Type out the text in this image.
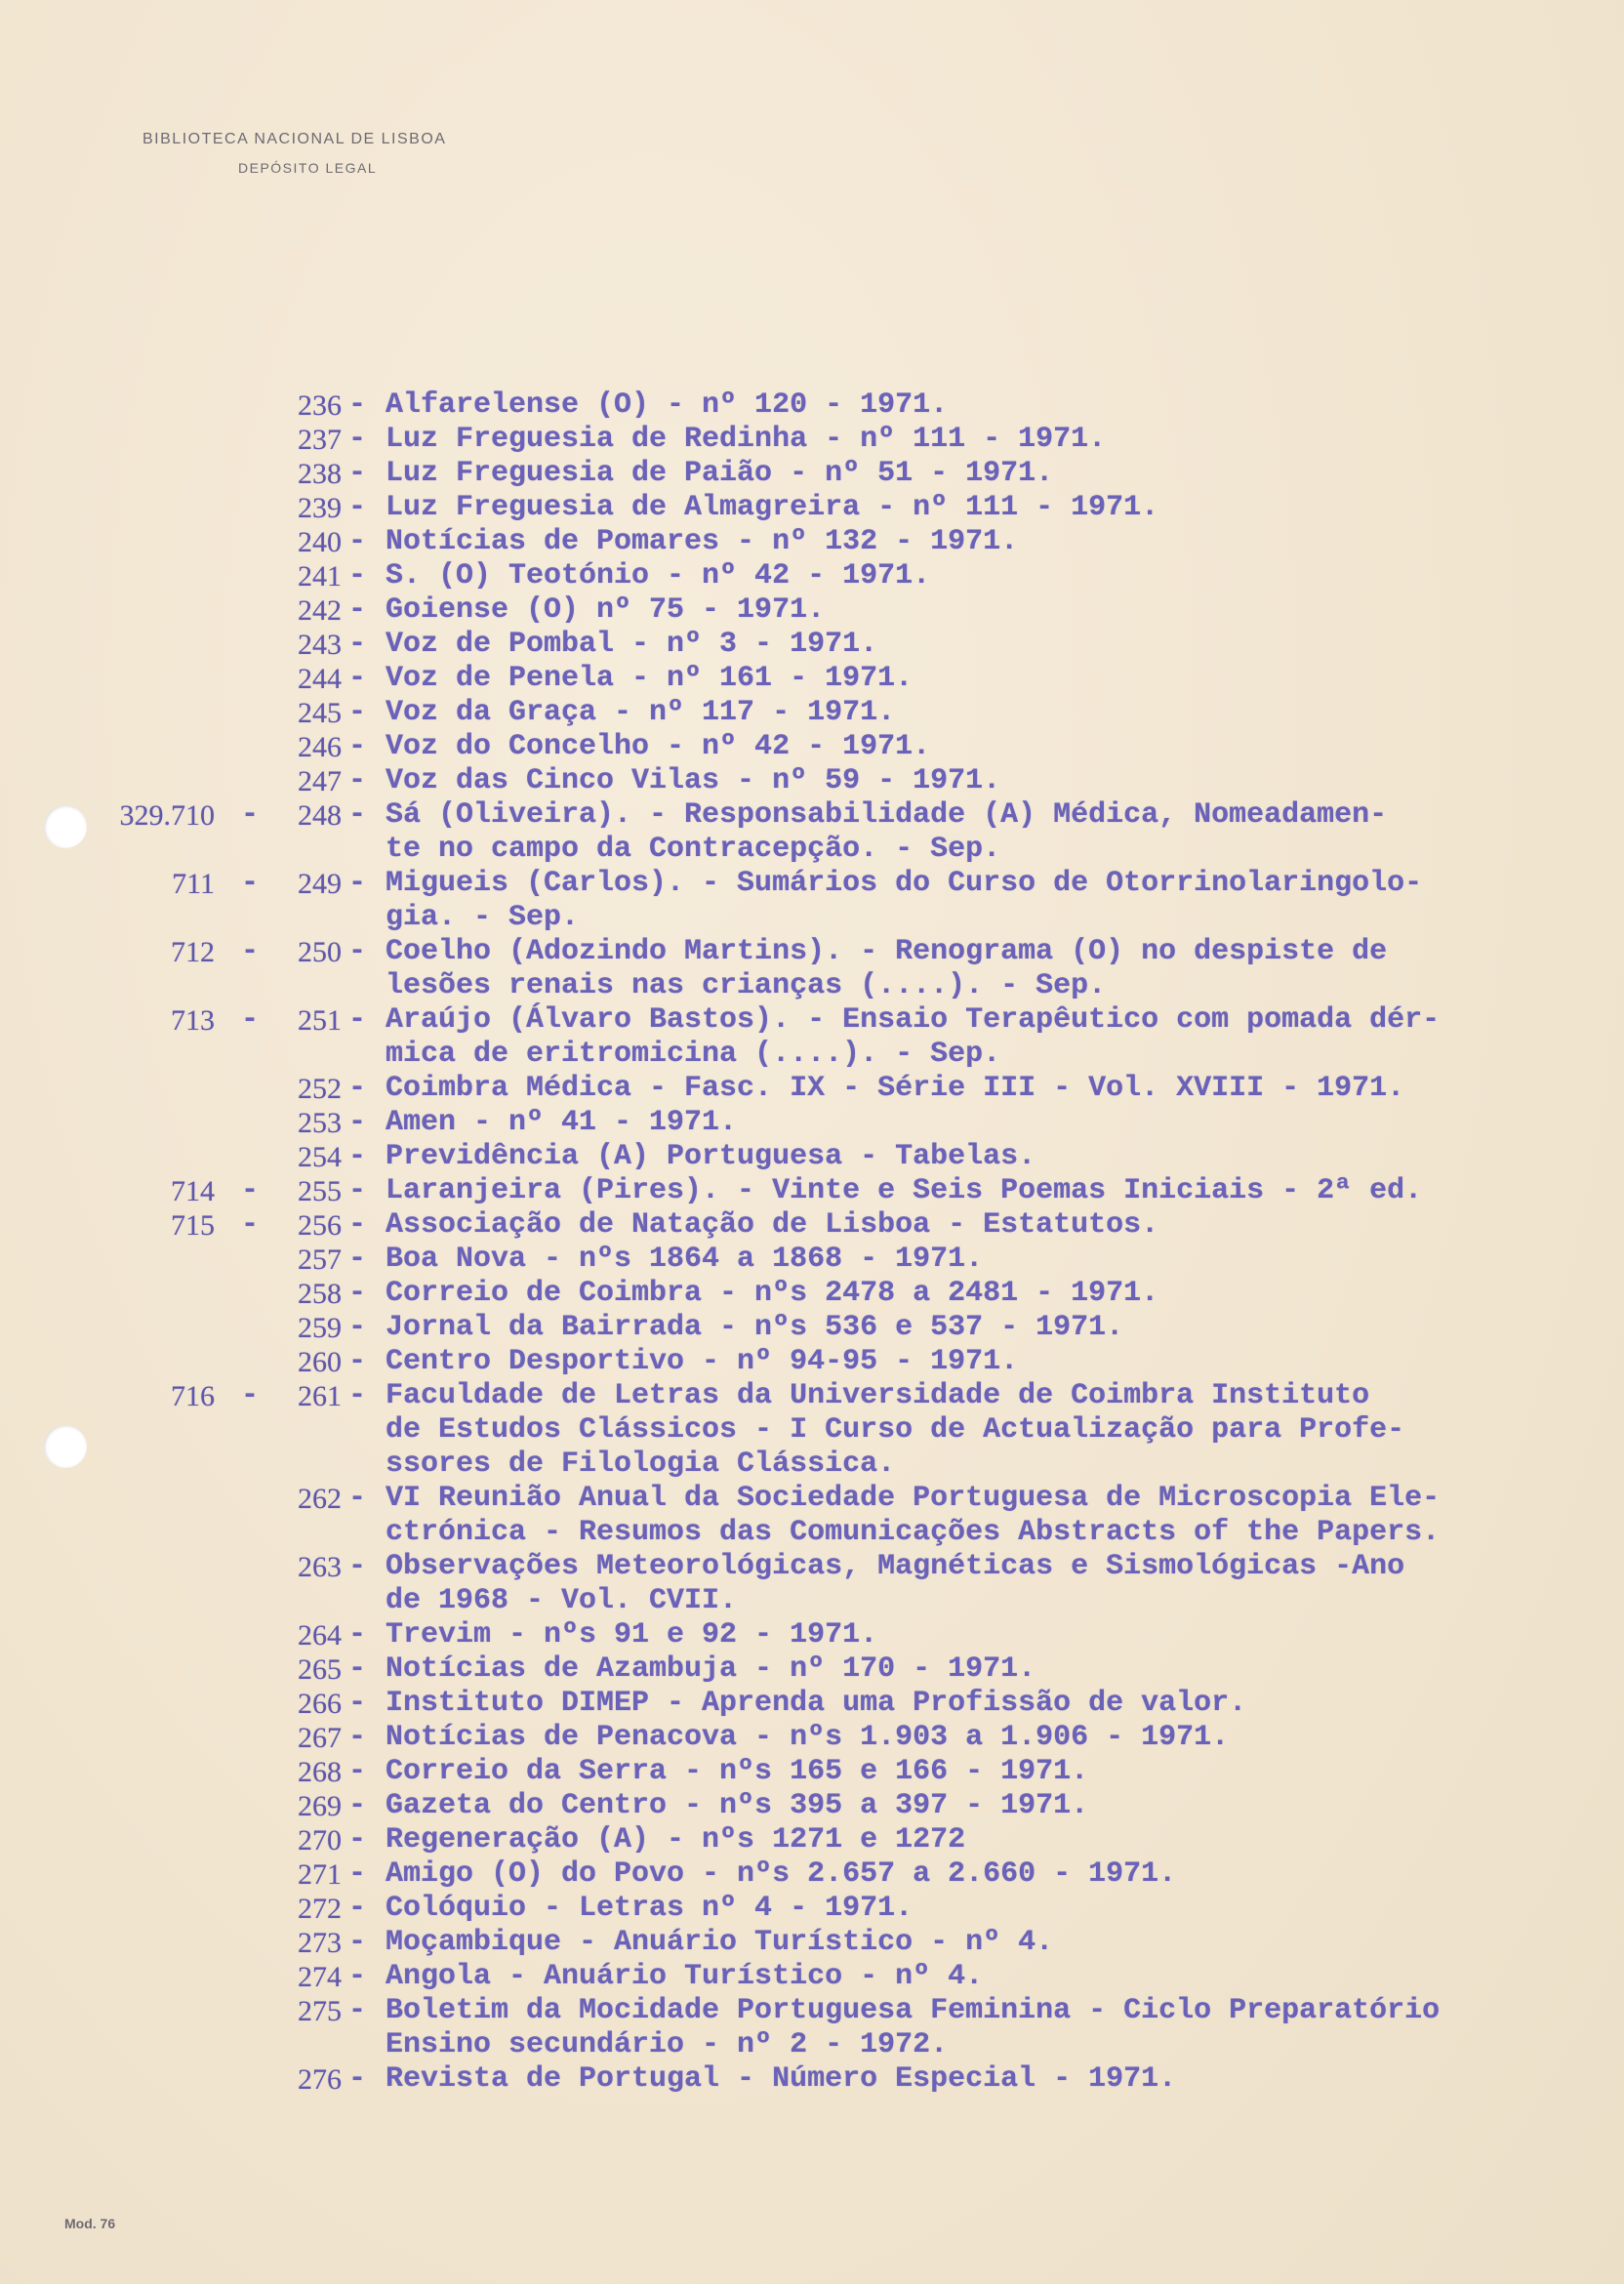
BIBLIOTECA NACIONAL DE LISBOA
DEPÓSITO LEGAL
236 - Alfarelense (O) - nº 120 - 1971.
237 - Luz Freguesia de Redinha - nº 111 - 1971.
238 - Luz Freguesia de Paião - nº 51 - 1971.
239 - Luz Freguesia de Almagreira - nº 111 - 1971.
240 - Notícias de Pomares - nº 132 - 1971.
241 - S. (O) Teotónio - nº 42 - 1971.
242 - Goiense (O) nº 75 - 1971.
243 - Voz de Pombal - nº 3 - 1971.
244 - Voz de Penela - nº 161 - 1971.
245 - Voz da Graça - nº 117 - 1971.
246 - Voz do Concelho - nº 42 - 1971.
247 - Voz das Cinco Vilas - nº 59 - 1971.
329.710 -	248 - Sá (Oliveira). - Responsabilidade (A) Médica, Nomeadamen-
te no campo da Contracepção. - Sep.
711 -	249 - Migueis (Carlos). - Sumários do Curso de Otorrinolaringolo-
gia. - Sep.
712 -	250 - Coelho (Adozindo Martins). - Renograma (O) no despiste de
lesões renais nas crianças (....). - Sep.
713 -	251 - Araújo (Álvaro Bastos). - Ensaio Terapêutico com pomada dér-
mica de eritromicina (....). - Sep.
252 - Coimbra Médica - Fasc. IX - Série III - Vol. XVIII - 1971.
253 - Amen - nº 41 - 1971.
254 - Previdência (A) Portuguesa - Tabelas.
714 -	255 - Laranjeira (Pires). - Vinte e Seis Poemas Iniciais - 2ª ed.
715 -	256 - Associação de Natação de Lisboa - Estatutos.
257 - Boa Nova - nºs 1864 a 1868 - 1971.
258 - Correio de Coimbra - nºs 2478 a 2481 - 1971.
259 - Jornal da Bairrada - nºs 536 e 537 - 1971.
260 - Centro Desportivo - nº 94-95 - 1971.
716 -	261 - Faculdade de Letras da Universidade de Coimbra Instituto
de Estudos Clássicos - I Curso de Actualização para Profe-
ssores de Filologia Clássica.
262 - VI Reunião Anual da Sociedade Portuguesa de Microscopia Ele-
ctrónica - Resumos das Comunicações Abstracts of the Papers.
263 - Observações Meteorológicas, Magnéticas e Sismológicas -Ano
de 1968 - Vol. CVII.
264 - Trevim - nºs 91 e 92 - 1971.
265 - Notícias de Azambuja - nº 170 - 1971.
266 - Instituto DIMEP - Aprenda uma Profissão de valor.
267 - Notícias de Penacova - nºs 1.903 a 1.906 - 1971.
268 - Correio da Serra - nºs 165 e 166 - 1971.
269 - Gazeta do Centro - nºs 395 a 397 - 1971.
270 - Regeneração (A) - nºs 1271 e 1272
271 - Amigo (O) do Povo - nºs 2.657 a 2.660 - 1971.
272 - Colóquio - Letras nº 4 - 1971.
273 - Moçambique - Anuário Turístico - nº 4.
274 - Angola - Anuário Turístico - nº 4.
275 - Boletim da Mocidade Portuguesa Feminina - Ciclo Preparatório
Ensino secundário - nº 2 - 1972.
276 - Revista de Portugal - Número Especial - 1971.
Mod. 76
